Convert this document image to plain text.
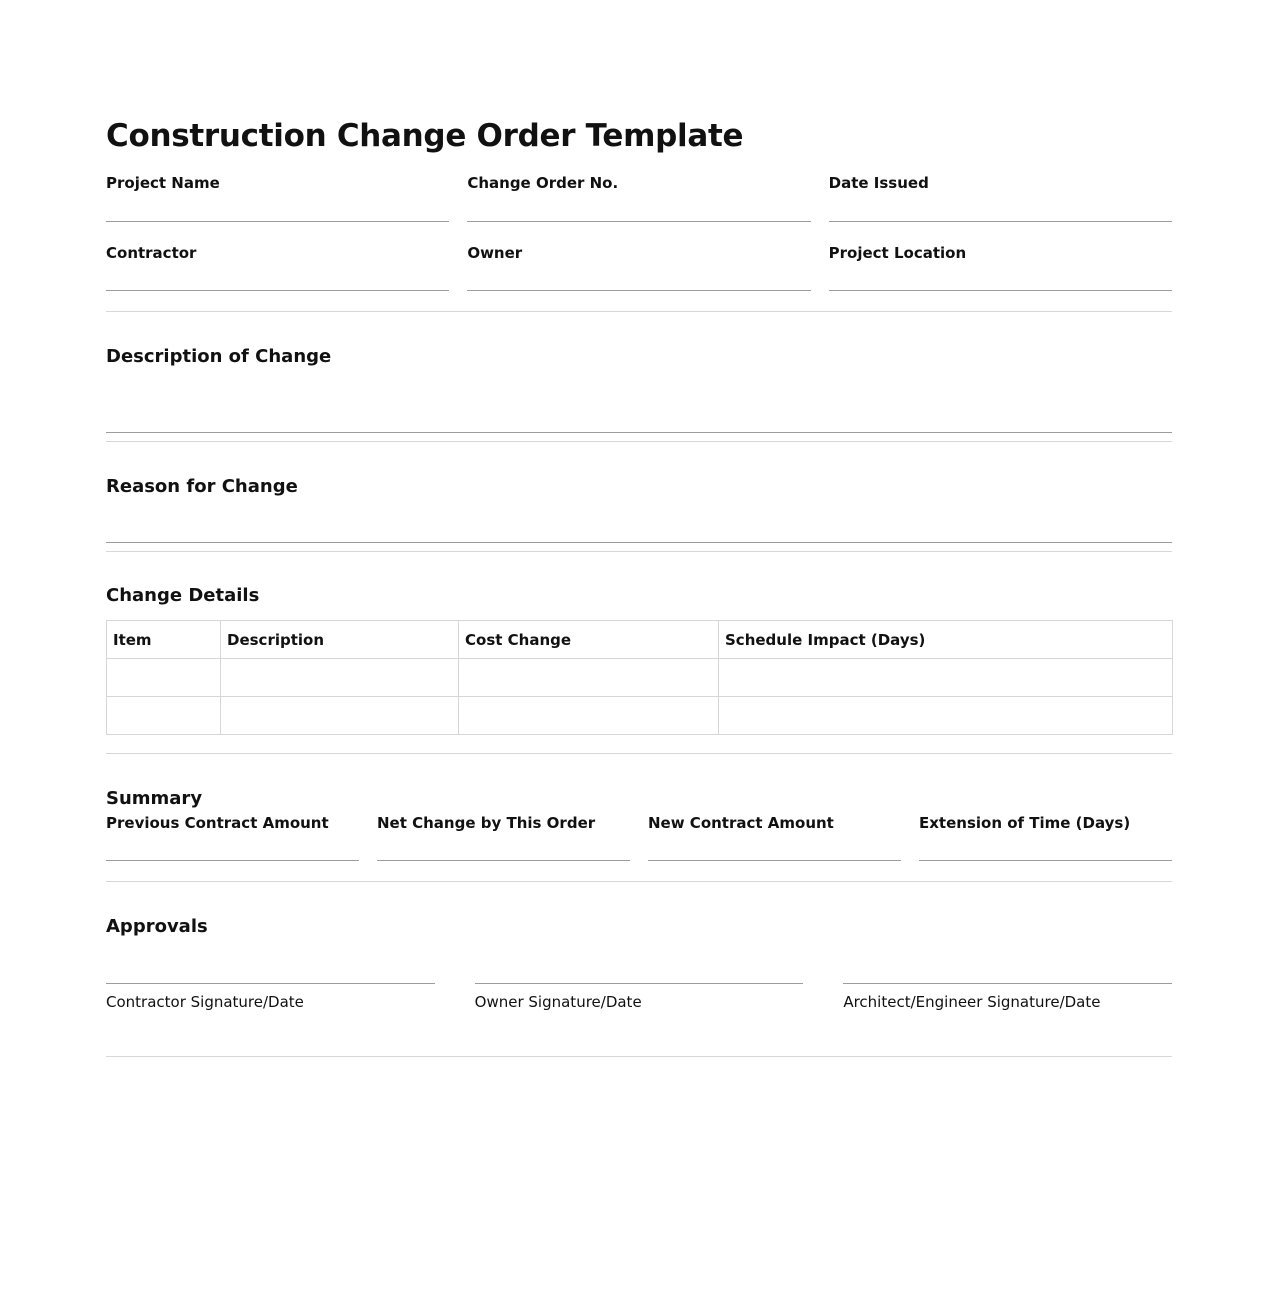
Construction Change Order Template
Project Name	Change Order No.	Date Issued
Contractor	Owner	Project Location
Description of Change
Reason for Change
Change Details
Item	Description	Cost Change	Schedule Impact (Days)

Summary
Previous Contract Amount	Net Change by This Order	New Contract Amount	Extension of Time (Days)
Approvals
Contractor Signature/Date	Owner Signature/Date	Architect/Engineer Signature/Date
